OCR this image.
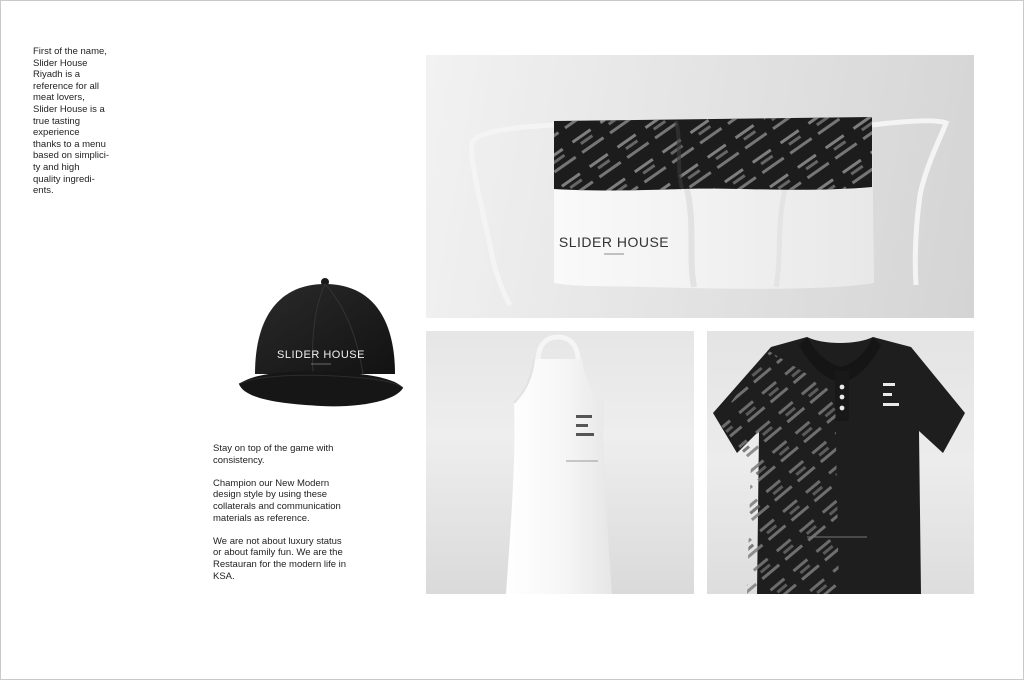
First of the name,
Slider House
Riyadh is a
reference for all
meat lovers,
Slider House is a
true tasting
experience
thanks to a menu
based on simplici-
ty and high
quality ingredi-
ents.
SLIDER HOUSE

Stay on top of the game with
consistency.

Champion our New Modern
design style by using these
collaterals and communication
materials as reference.

We are not about luxury status
or about family fun. We are the
Restauran for the modern life in
KSA.

SLIDER HOUSE
